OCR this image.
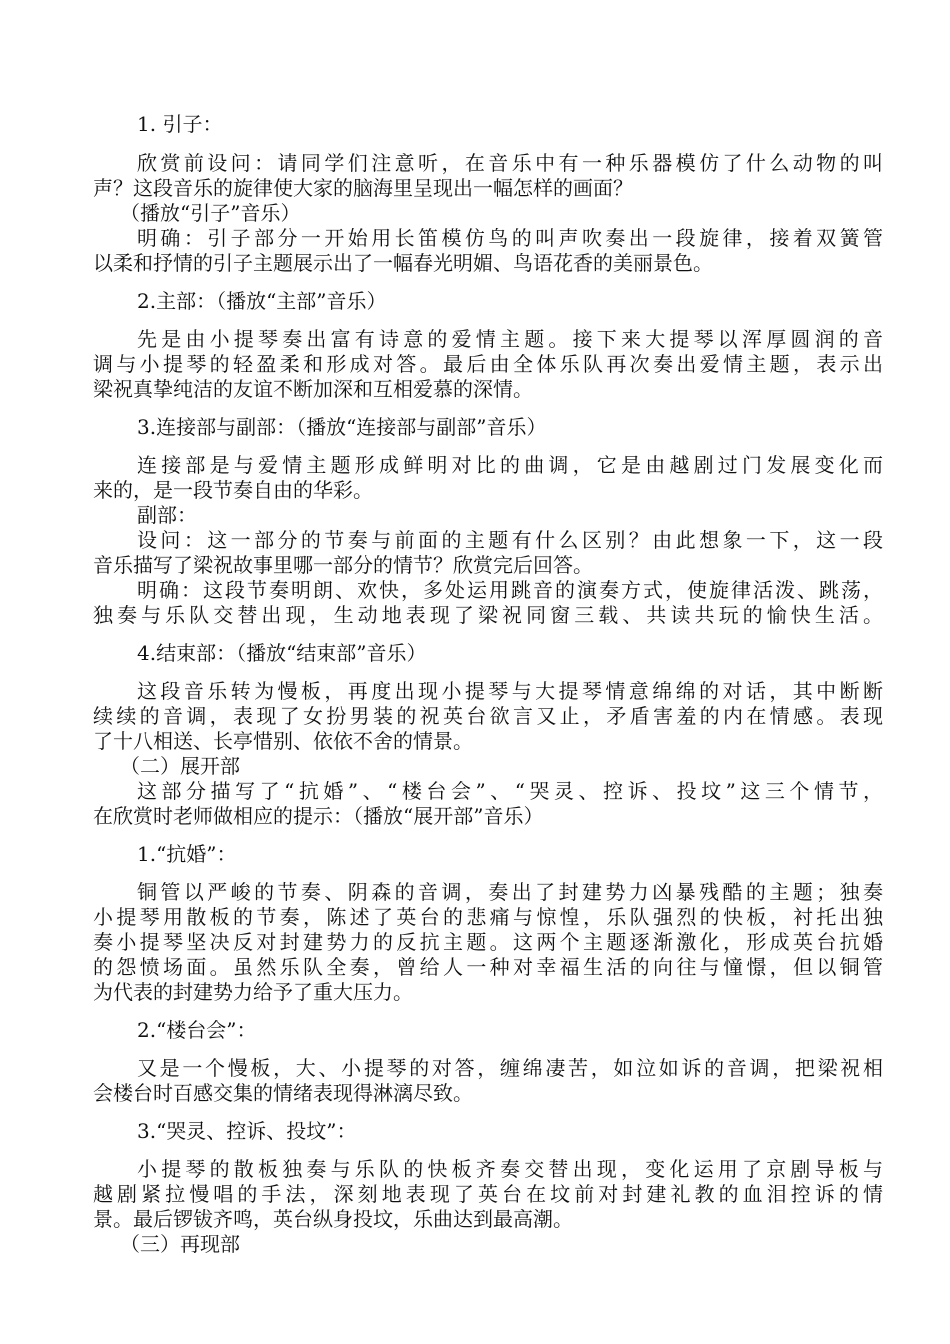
1. 引子：
欣赏前设问：请同学们注意听，在音乐中有一种乐器模仿了什么动物的叫
声？这段音乐的旋律使大家的脑海里呈现出一幅怎样的画面？
（播放“引子”音乐）
明确：引子部分一开始用长笛模仿鸟的叫声吹奏出一段旋律，接着双簧管
以柔和抒情的引子主题展示出了一幅春光明媚、鸟语花香的美丽景色。
2.主部：（播放“主部”音乐）
先是由小提琴奏出富有诗意的爱情主题。接下来大提琴以浑厚圆润的音
调与小提琴的轻盈柔和形成对答。最后由全体乐队再次奏出爱情主题，表示出
梁祝真挚纯洁的友谊不断加深和互相爱慕的深情。
3.连接部与副部：（播放“连接部与副部”音乐）
连接部是与爱情主题形成鲜明对比的曲调，它是由越剧过门发展变化而
来的，是一段节奏自由的华彩。
副部：
设问：这一部分的节奏与前面的主题有什么区别？由此想象一下，这一段
音乐描写了梁祝故事里哪一部分的情节？欣赏完后回答。
明确：这段节奏明朗、欢快，多处运用跳音的演奏方式，使旋律活泼、跳荡，
独奏与乐队交替出现，生动地表现了梁祝同窗三载、共读共玩的愉快生活。
4.结束部：（播放“结束部”音乐）
这段音乐转为慢板，再度出现小提琴与大提琴情意绵绵的对话，其中断断
续续的音调，表现了女扮男装的祝英台欲言又止，矛盾害羞的内在情感。表现
了十八相送、长亭惜别、依依不舍的情景。
（二）展开部
这部分描写了“抗婚”、“楼台会”、“哭灵、控诉、投坟”这三个情节，
在欣赏时老师做相应的提示：（播放“展开部”音乐）
1.“抗婚”：
铜管以严峻的节奏、阴森的音调，奏出了封建势力凶暴残酷的主题；独奏
小提琴用散板的节奏，陈述了英台的悲痛与惊惶，乐队强烈的快板，衬托出独
奏小提琴坚决反对封建势力的反抗主题。这两个主题逐渐激化，形成英台抗婚
的怨愤场面。虽然乐队全奏，曾给人一种对幸福生活的向往与憧憬，但以铜管
为代表的封建势力给予了重大压力。
2.“楼台会”：
又是一个慢板，大、小提琴的对答，缠绵凄苦，如泣如诉的音调，把梁祝相
会楼台时百感交集的情绪表现得淋漓尽致。
3.“哭灵、控诉、投坟”：
小提琴的散板独奏与乐队的快板齐奏交替出现，变化运用了京剧导板与
越剧紧拉慢唱的手法，深刻地表现了英台在坟前对封建礼教的血泪控诉的情
景。最后锣钹齐鸣，英台纵身投坟，乐曲达到最高潮。
（三）再现部
